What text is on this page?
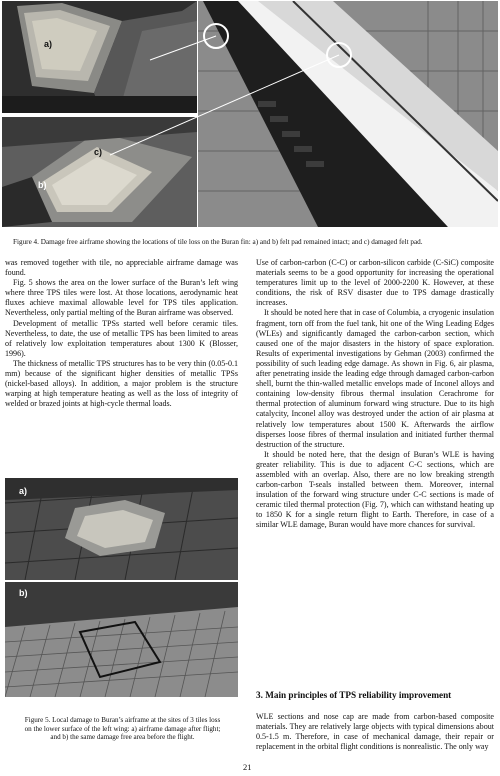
a)
c)
b)
Figure 4. Damage free airframe showing the locations of tile loss on the Buran fin: a) and b) felt pad remained intact; and c) damaged felt pad.

was removed together with tile, no appreciable airframe damage was found.

Fig. 5 shows the area on the lower surface of the Buran’s left wing where three TPS tiles were lost. At those locations, aerodynamic heat fluxes achieve maximal allowable level for TPS tiles application. Nevertheless, only partial melting of the Buran airframe was observed.

Development of metallic TPSs started well before ceramic tiles. Nevertheless, to date, the use of metallic TPS has been limited to areas of relatively low exploitation temperatures about 1300 K (Blosser, 1996).

The thickness of metallic TPS structures has to be very thin (0.05-0.1 mm) because of the significant higher densities of metallic TPSs (nickel-based alloys). In addition, a major problem is the structure warping at high temperature heating as well as the loss of integrity of welded or brazed joints at high-cycle thermal loads.

a)
b)
Figure 5. Local damage to Buran’s airframe at the sites of 3 tiles loss
on the lower surface of the left wing: a) airframe damage after flight;
and b) the same damage free area before the flight.

Use of carbon-carbon (C-C) or carbon-silicon carbide (C-SiC) composite materials seems to be a good opportunity for increasing the operational temperatures limit up to the level of 2000-2200 K. However, at these conditions, the risk of RSV disaster due to TPS damage drastically increases.

It should be noted here that in case of Columbia, a cryogenic insulation fragment, torn off from the fuel tank, hit one of the Wing Leading Edges (WLEs) and significantly damaged the carbon-carbon section, which caused one of the major disasters in the history of space exploration. Results of experimental investigations by Gehman (2003) confirmed the possibility of such leading edge damage. As shown in Fig. 6, air plasma, after penetrating inside the leading edge through damaged carbon-carbon shell, burnt the thin-walled metallic envelops made of Inconel alloys and containing low-density fibrous thermal insulation Cerachrome for thermal protection of aluminum forward wing structure. Due to its high catalycity, Inconel alloy was destroyed under the action of air plasma at relatively low temperatures about 1500 K. Afterwards the airflow disperses loose fibres of thermal insulation and initiated further thermal destruction of the structure.

It should be noted here, that the design of Buran’s WLE is having greater reliability. This is due to adjacent C-C sections, which are assembled with an overlap. Also, there are no low breaking strength carbon-carbon T-seals installed between them. Moreover, internal insulation of the forward wing structure under C-C sections is made of ceramic tiled thermal protection (Fig. 7), which can withstand heating up to 1850 K for a single return flight to Earth. Therefore, in case of a similar WLE damage, Buran would have more chances for survival.

3. Main principles of TPS reliability improvement

WLE sections and nose cap are made from carbon-based composite materials. They are relatively large objects with typical dimensions about 0.5-1.5 m. Therefore, in case of mechanical damage, their repair or replacement in the orbital flight conditions is nonrealistic. The only way

21
